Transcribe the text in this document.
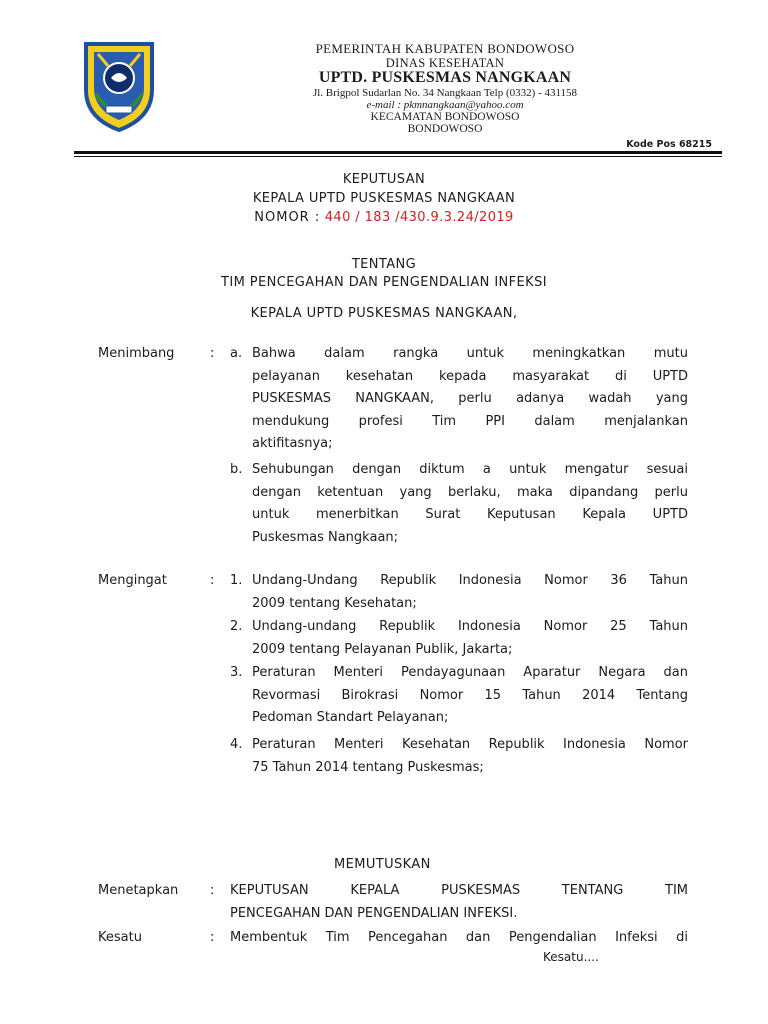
PEMERINTAH KABUPATEN BONDOWOSO
DINAS KESEHATAN
UPTD. PUSKESMAS NANGKAAN
Jl. Brigpol Sudarlan No. 34 Nangkaan Telp (0332) - 431158
e-mail : pkmnangkaan@yahoo.com
KECAMATAN BONDOWOSO
BONDOWOSO
Kode Pos 68215
KEPUTUSAN
KEPALA UPTD PUSKESMAS NANGKAAN
NOMOR : 440 / 183 /430.9.3.24/2019
TENTANG
TIM PENCEGAHAN DAN PENGENDALIAN INFEKSI
KEPALA UPTD PUSKESMAS NANGKAAN,
Menimbang	: a. Bahwa dalam rangka untuk meningkatkan mutu
pelayanan kesehatan kepada masyarakat di UPTD
PUSKESMAS NANGKAAN, perlu adanya wadah yang
mendukung profesi Tim PPI dalam menjalankan
aktifitasnya;
b. Sehubungan dengan diktum a untuk mengatur sesuai
dengan ketentuan yang berlaku, maka dipandang perlu
untuk menerbitkan Surat Keputusan Kepala UPTD
Puskesmas Nangkaan;
Mengingat	: 1. Undang-Undang Republik Indonesia Nomor 36 Tahun
2009 tentang Kesehatan;
2. Undang-undang Republik Indonesia Nomor 25 Tahun
2009 tentang Pelayanan Publik, Jakarta;
3. Peraturan Menteri Pendayagunaan Aparatur Negara dan
Revormasi Birokrasi Nomor 15 Tahun 2014 Tentang
Pedoman Standart Pelayanan;
4. Peraturan Menteri Kesehatan Republik Indonesia Nomor
75 Tahun 2014 tentang Puskesmas;
MEMUTUSKAN
Menetapkan : KEPUTUSAN KEPALA PUSKESMAS TENTANG TIM
PENCEGAHAN DAN PENGENDALIAN INFEKSI.
Kesatu	: Membentuk Tim Pencegahan dan Pengendalian Infeksi di
Kesatu....
